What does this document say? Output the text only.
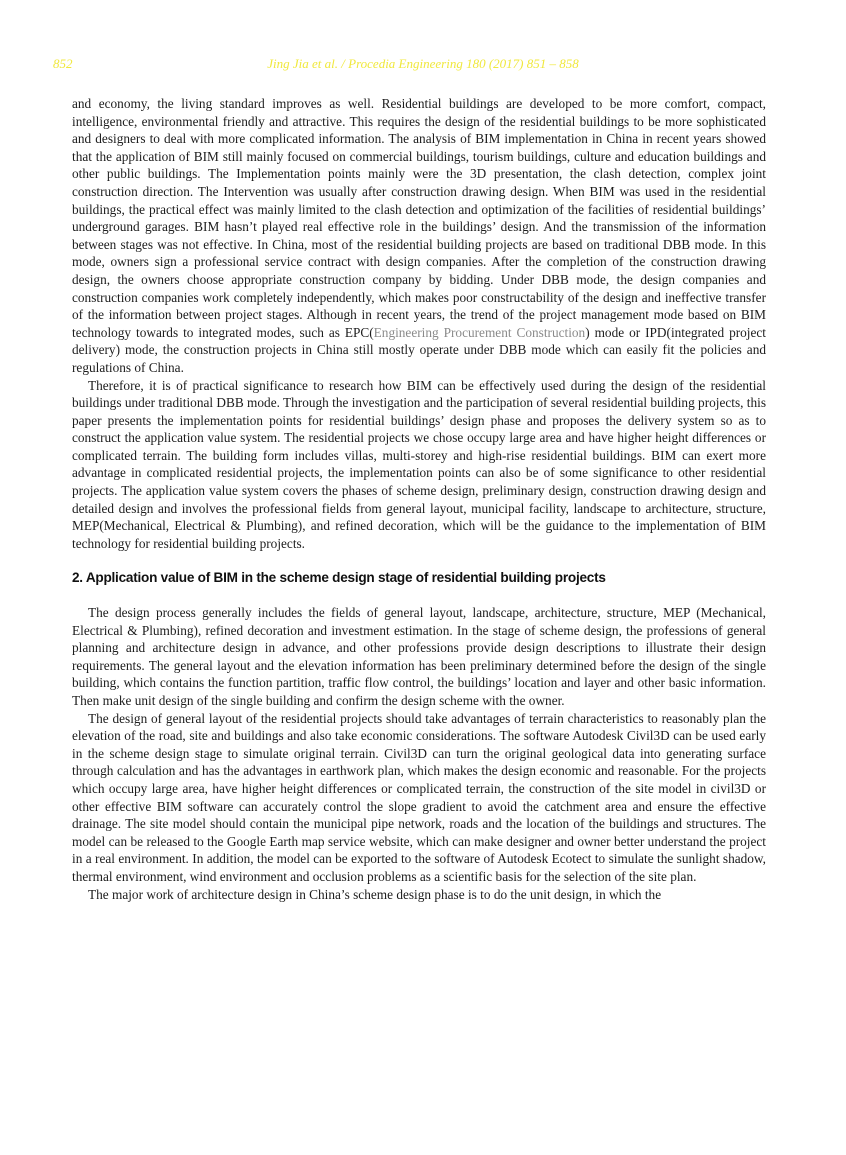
852	Jing Jia et al. / Procedia Engineering 180 (2017) 851 – 858

and economy, the living standard improves as well. Residential buildings are developed to be more comfort, compact, intelligence, environmental friendly and attractive. This requires the design of the residential buildings to be more sophisticated and designers to deal with more complicated information. The analysis of BIM implementation in China in recent years showed that the application of BIM still mainly focused on commercial buildings, tourism buildings, culture and education buildings and other public buildings. The Implementation points mainly were the 3D presentation, the clash detection, complex joint construction direction. The Intervention was usually after construction drawing design. When BIM was used in the residential buildings, the practical effect was mainly limited to the clash detection and optimization of the facilities of residential buildings’ underground garages. BIM hasn’t played real effective role in the buildings’ design. And the transmission of the information between stages was not effective. In China, most of the residential building projects are based on traditional DBB mode. In this mode, owners sign a professional service contract with design companies. After the completion of the construction drawing design, the owners choose appropriate construction company by bidding. Under DBB mode, the design companies and construction companies work completely independently, which makes poor constructability of the design and ineffective transfer of the information between project stages. Although in recent years, the trend of the project management mode based on BIM technology towards to integrated modes, such as EPC(Engineering Procurement Construction) mode or IPD(integrated project delivery) mode, the construction projects in China still mostly operate under DBB mode which can easily fit the policies and regulations of China.

Therefore, it is of practical significance to research how BIM can be effectively used during the design of the residential buildings under traditional DBB mode. Through the investigation and the participation of several residential building projects, this paper presents the implementation points for residential buildings’ design phase and proposes the delivery system so as to construct the application value system. The residential projects we chose occupy large area and have higher height differences or complicated terrain. The building form includes villas, multi-storey and high-rise residential buildings. BIM can exert more advantage in complicated residential projects, the implementation points can also be of some significance to other residential projects. The application value system covers the phases of scheme design, preliminary design, construction drawing design and detailed design and involves the professional fields from general layout, municipal facility, landscape to architecture, structure, MEP(Mechanical, Electrical & Plumbing), and refined decoration, which will be the guidance to the implementation of BIM technology for residential building projects.

2. Application value of BIM in the scheme design stage of residential building projects

The design process generally includes the fields of general layout, landscape, architecture, structure, MEP (Mechanical, Electrical & Plumbing), refined decoration and investment estimation. In the stage of scheme design, the professions of general planning and architecture design in advance, and other professions provide design descriptions to illustrate their design requirements. The general layout and the elevation information has been preliminary determined before the design of the single building, which contains the function partition, traffic flow control, the buildings’ location and layer and other basic information. Then make unit design of the single building and confirm the design scheme with the owner.

The design of general layout of the residential projects should take advantages of terrain characteristics to reasonably plan the elevation of the road, site and buildings and also take economic considerations. The software Autodesk Civil3D can be used early in the scheme design stage to simulate original terrain. Civil3D can turn the original geological data into generating surface through calculation and has the advantages in earthwork plan, which makes the design economic and reasonable. For the projects which occupy large area, have higher height differences or complicated terrain, the construction of the site model in civil3D or other effective BIM software can accurately control the slope gradient to avoid the catchment area and ensure the effective drainage. The site model should contain the municipal pipe network, roads and the location of the buildings and structures. The model can be released to the Google Earth map service website, which can make designer and owner better understand the project in a real environment. In addition, the model can be exported to the software of Autodesk Ecotect to simulate the sunlight shadow, thermal environment, wind environment and occlusion problems as a scientific basis for the selection of the site plan.

The major work of architecture design in China’s scheme design phase is to do the unit design, in which the
